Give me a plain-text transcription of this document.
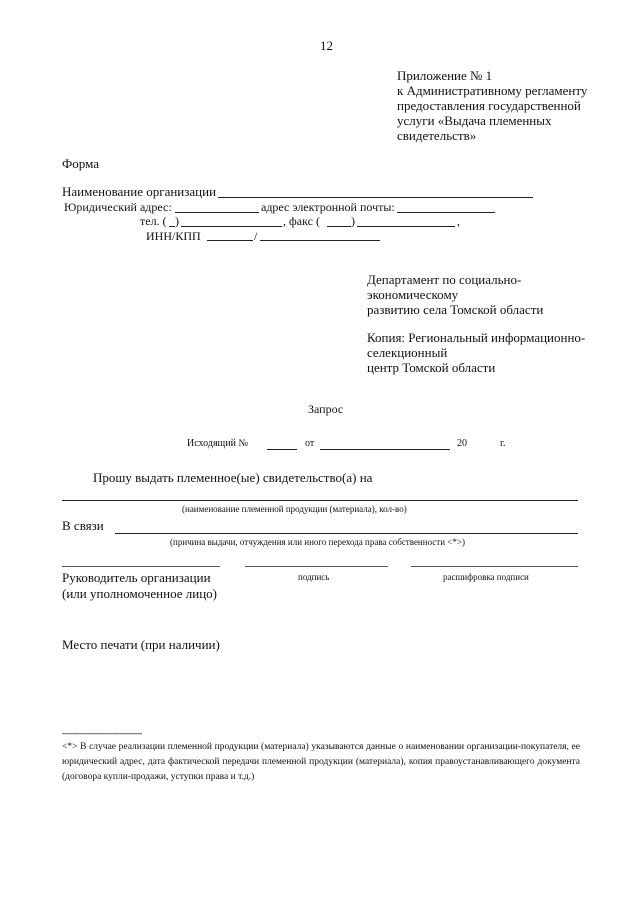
12
Приложение № 1
к Административному регламенту
предоставления государственной
услуги «Выдача племенных
свидетельств»
Форма
Наименование организации
Юридический адрес:	адрес электронной почты:
тел. ( )	, факс (	)	,
ИНН/КПП	/
Департамент по социально-
экономическому
развитию села Томской области
Копия: Региональный информационно-
селекционный
центр Томской области
Запрос
Исходящий №	от	20	г.
Прошу выдать племенное(ые) свидетельство(а) на
(наименование племенной продукции (материала), кол-во)
В связи
(причина выдачи, отчуждения или иного перехода права собственности <*>)
Руководитель организации
(или уполномоченное лицо)
подпись	расшифровка подписи
Место печати (при наличии)
--------------------------------
<*> В случае реализации племенной продукции (материала) указываются данные о наименовании организации-покупателя, ее юридический адрес, дата фактической передачи племенной продукции (материала), копия правоустанавливающего документа (договора купли-продажи, уступки права и т.д.)
